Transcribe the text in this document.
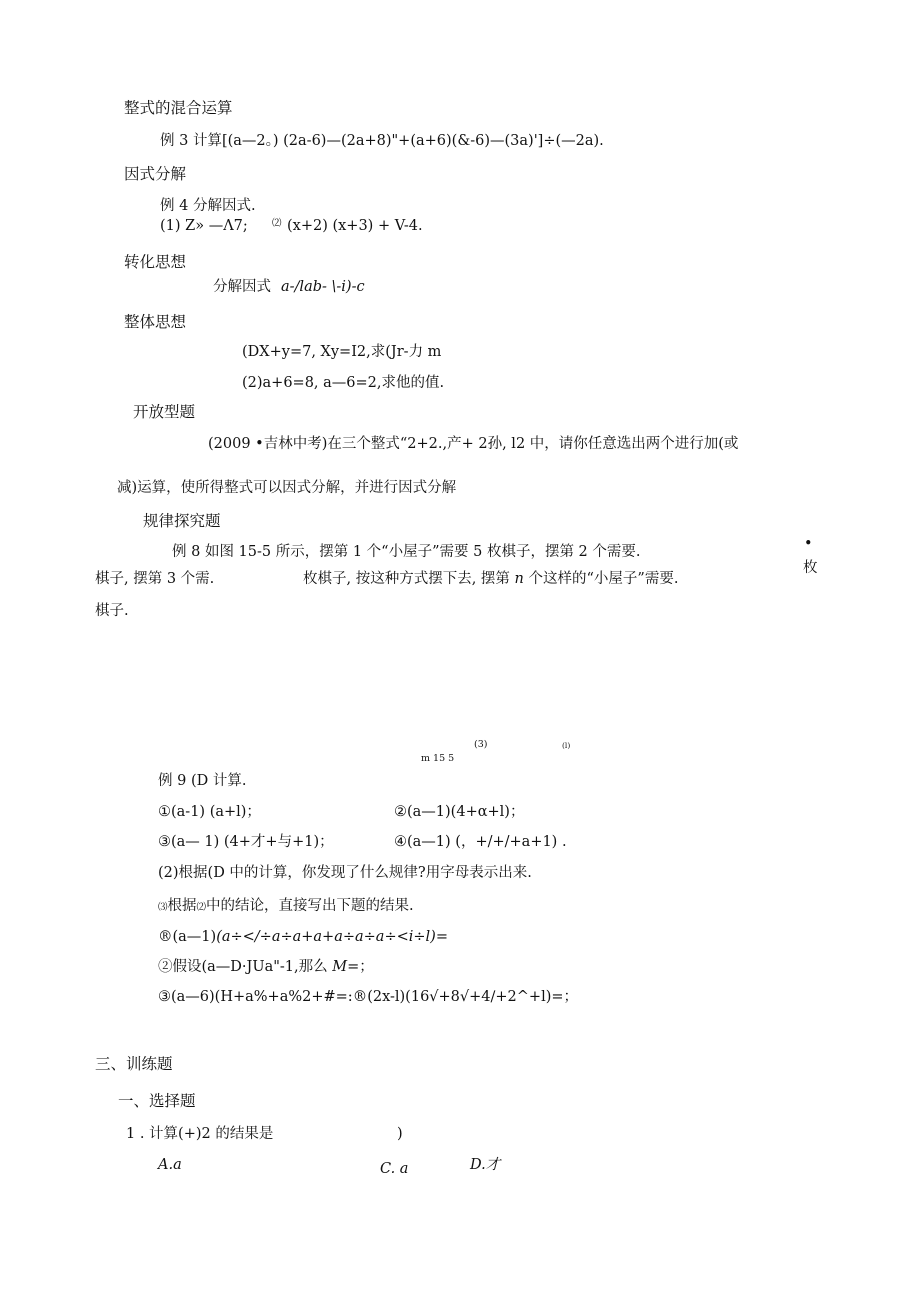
整式的混合运算
例 3 计算[(a—2。) (2a-6)—(2a+8)"+(a+6)(&-6)—(3a)']÷(—2a).
因式分解
例 4 分解因式.
(1) Z» —Λ7;	⑵ (x+2) (x+3) + V-4.
转化思想
分解因式 a-∕lab- \-i)-c
整体思想
(DX+y=7, Xy=I2,求(Jr-力 m
(2)a+6=8, a—6=2,求他的值.
开放型题
(2009 •吉林中考)在三个整式“2+2.,产+ 2孙, l2 中，请你任意选出两个进行加(或
减)运算，使所得整式可以因式分解，并进行因式分解
规律探究题
例 8 如图 15-5 所示，摆第 1 个“小屋子”需要 5 枚棋子，摆第 2 个需要.	•
枚
棋子, 摆第 3 个需.	枚棋子, 按这种方式摆下去, 摆第 n 个这样的“小屋子”需要.
棋子.
(3)	(l)
m 15 5
例 9 (D 计算.
①(a-1) (a+l)；	②(a—1)(4+α+l)；
③(a— 1) (4+才+与+1)；	④(a—1) (，+/+/+a+1) .
(2)根据(D 中的计算，你发现了什么规律?用字母表示出来.
⑶根据⑵中的结论，直接写出下题的结果.
®(a—1)(a÷</÷a÷a+a+a÷a÷a÷<i÷l)=
②假设(a—D·JUa"-1,那么 M=；
③(a—6)(H+a%+a%2+#=:®(2x-l)(16√+8√+4∕+2^+l)=；
三、训练题
一、选择题
1 . 计算(+)2 的结果是	)
A.a	C. a	D.才
